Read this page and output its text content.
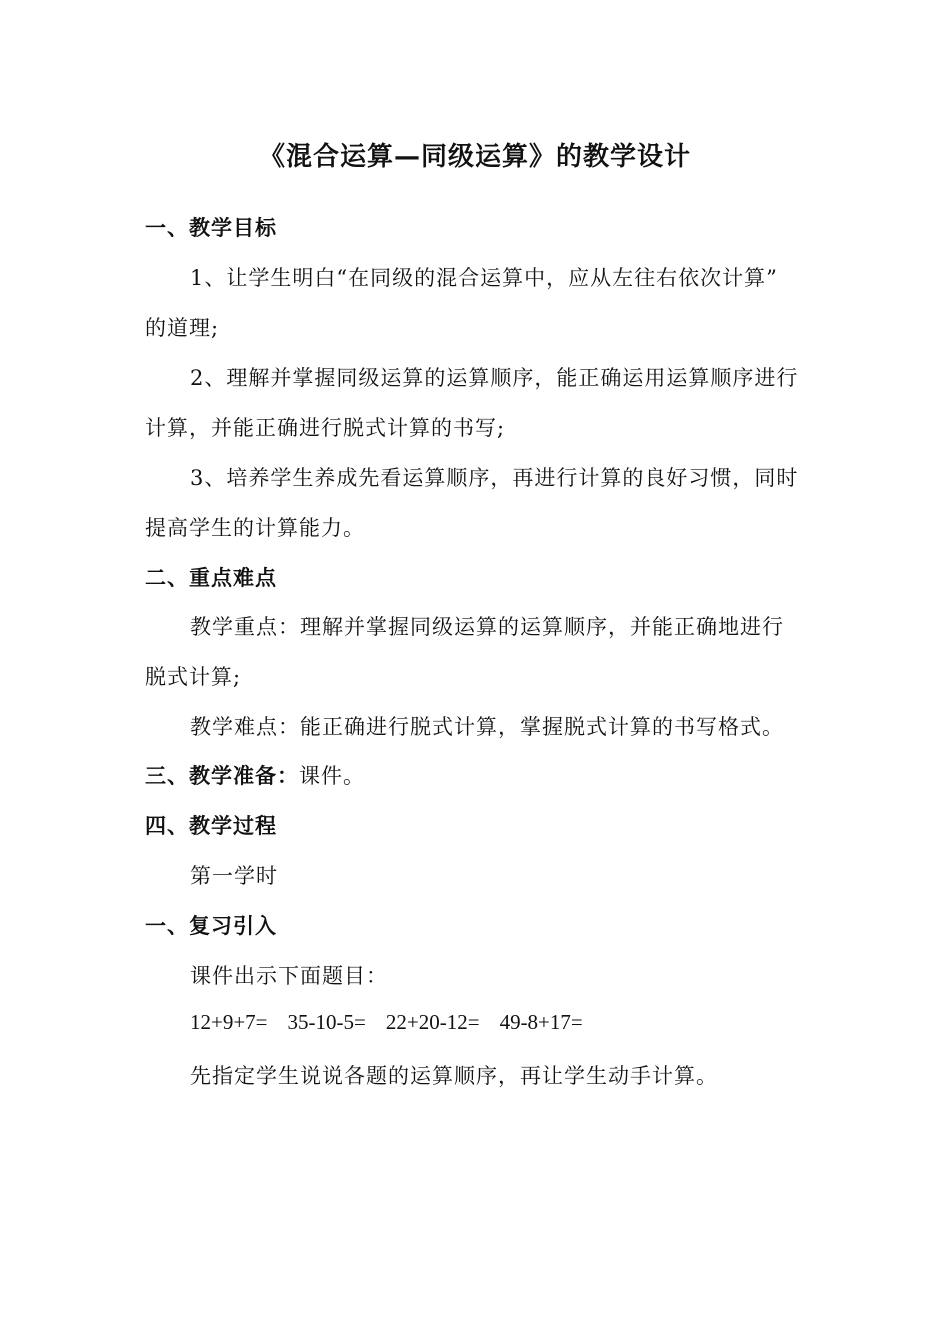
《混合运算—同级运算》的教学设计
一、教学目标
1、让学生明白“在同级的混合运算中，应从左往右依次计算”
的道理;
2、理解并掌握同级运算的运算顺序，能正确运用运算顺序进行
计算，并能正确进行脱式计算的书写;
3、培养学生养成先看运算顺序，再进行计算的良好习惯，同时
提高学生的计算能力。
二、重点难点
教学重点：理解并掌握同级运算的运算顺序，并能正确地进行
脱式计算;
教学难点：能正确进行脱式计算，掌握脱式计算的书写格式。
三、教学准备：课件。
四、教学过程
第一学时
一、复习引入
课件出示下面题目：
12+9+7= 35-10-5= 22+20-12= 49-8+17=
先指定学生说说各题的运算顺序，再让学生动手计算。
